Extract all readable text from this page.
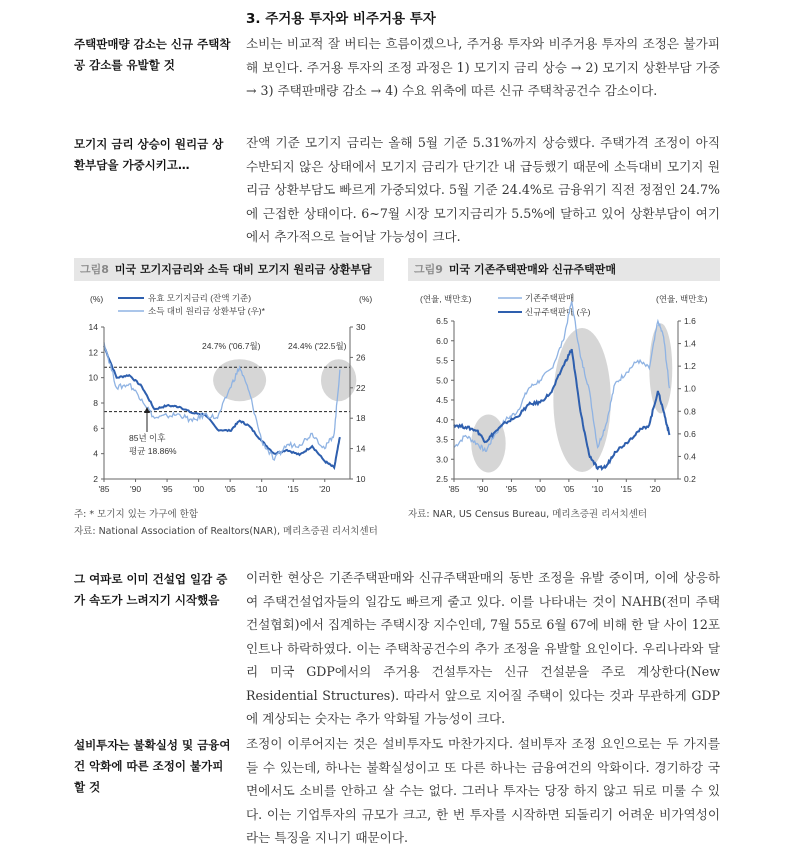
3. 주거용 투자와 비주거용 투자
주택판매량 감소는 신규 주택착공 감소를 유발할 것
소비는 비교적 잘 버티는 흐름이겠으나, 주거용 투자와 비주거용 투자의 조정은 불가피해 보인다. 주거용 투자의 조정 과정은 1) 모기지 금리 상승 → 2) 모기지 상환부담 가중 → 3) 주택판매량 감소 → 4) 수요 위축에 따른 신규 주택착공건수 감소이다.
모기지 금리 상승이 원리금 상환부담을 가중시키고…
잔액 기준 모기지 금리는 올해 5월 기준 5.31%까지 상승했다. 주택가격 조정이 아직 수반되지 않은 상태에서 모기지 금리가 단기간 내 급등했기 때문에 소득대비 모기지 원리금 상환부담도 빠르게 가중되었다. 5월 기준 24.4%로 금융위기 직전 정점인 24.7%에 근접한 상태이다. 6~7월 시장 모기지금리가 5.5%에 달하고 있어 상환부담이 여기에서 추가적으로 늘어날 가능성이 크다.
그림8 미국 모기지금리와 소득 대비 모기지 원리금 상환부담
(%)	(%)
유효 모기지금리 (잔액 기준)
소득 대비 원리금 상환부담 (우)*
2
4
6
8
10
12
14
10
14
18
22
26
30
'85 '90 '95 '00 '05 '10 '15 '20
24.7% ('06.7월)	24.4% ('22.5월)
85년 이후
평균 18.86%
주: * 모기지 있는 가구에 한함
자료: National Association of Realtors(NAR), 메리츠증권 리서치센터
그림9 미국 기존주택판매와 신규주택판매
(연율, 백만호)	(연율, 백만호)
기존주택판매
신규주택판매 (우)
2.5
3.0
3.5
4.0
4.5
5.0
5.5
6.0
6.5
0.2
0.4
0.6
0.8
1.0
1.2
1.4
1.6
'85 '90 '95 '00 '05 '10 '15 '20
자료: NAR, US Census Bureau, 메리츠증권 리서치센터
그 여파로 이미 건설업 일감 증가 속도가 느려지기 시작했음
이러한 현상은 기존주택판매와 신규주택판매의 동반 조정을 유발 중이며, 이에 상응하여 주택건설업자들의 일감도 빠르게 줄고 있다. 이를 나타내는 것이 NAHB(전미 주택건설협회)에서 집계하는 주택시장 지수인데, 7월 55로 6월 67에 비해 한 달 사이 12포인트나 하락하였다. 이는 주택착공건수의 추가 조정을 유발할 요인이다. 우리나라와 달리 미국 GDP에서의 주거용 건설투자는 신규 건설분을 주로 계상한다(New Residential Structures). 따라서 앞으로 지어질 주택이 있다는 것과 무관하게 GDP에 계상되는 숫자는 추가 악화될 가능성이 크다.
설비투자는 불확실성 및 금융여건 악화에 따른 조정이 불가피할 것
조정이 이루어지는 것은 설비투자도 마찬가지다. 설비투자 조정 요인으로는 두 가지를 들 수 있는데, 하나는 불확실성이고 또 다른 하나는 금융여건의 악화이다. 경기하강 국면에서도 소비를 안하고 살 수는 없다. 그러나 투자는 당장 하지 않고 뒤로 미룰 수 있다. 이는 기업투자의 규모가 크고, 한 번 투자를 시작하면 되돌리기 어려운 비가역성이라는 특징을 지니기 때문이다.
